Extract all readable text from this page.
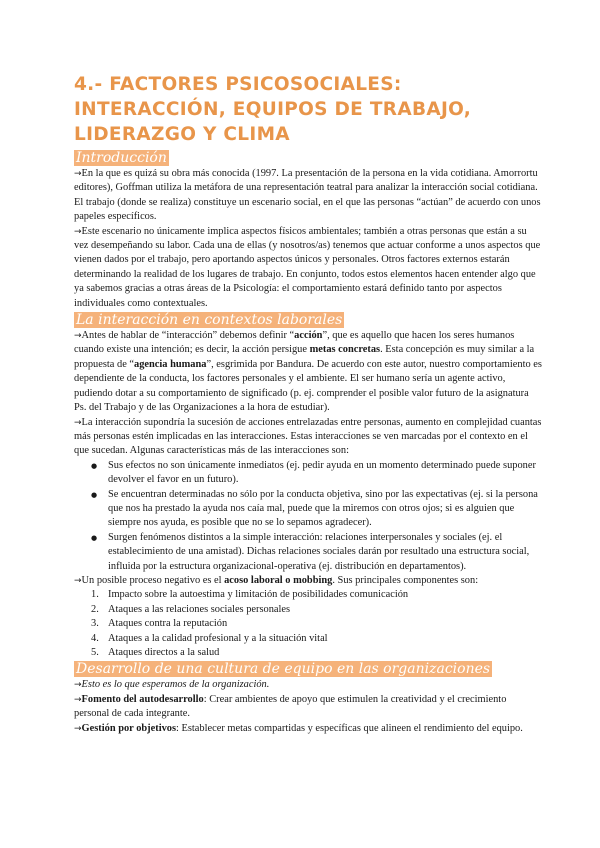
4.- FACTORES PSICOSOCIALES: INTERACCIÓN, EQUIPOS DE TRABAJO, LIDERAZGO Y CLIMA
Introducción

→En la que es quizá su obra más conocida (1997. La presentación de la persona en la vida cotidiana. Amorrortu editores), Goffman utiliza la metáfora de una representación teatral para analizar la interacción social cotidiana. El trabajo (donde se realiza) constituye un escenario social, en el que las personas “actúan” de acuerdo con unos papeles específicos.

→Este escenario no únicamente implica aspectos físicos ambientales; también a otras personas que están a su vez desempeñando su labor. Cada una de ellas (y nosotros/as) tenemos que actuar conforme a unos aspectos que vienen dados por el trabajo, pero aportando aspectos únicos y personales. Otros factores externos estarán determinando la realidad de los lugares de trabajo. En conjunto, todos estos elementos hacen entender algo que ya sabemos gracias a otras áreas de la Psicología: el comportamiento estará definido tanto por aspectos individuales como contextuales.

La interacción en contextos laborales

→Antes de hablar de “interacción” debemos definir “acción”, que es aquello que hacen los seres humanos cuando existe una intención; es decir, la acción persigue metas concretas. Esta concepción es muy similar a la propuesta de “agencia humana”, esgrimida por Bandura. De acuerdo con este autor, nuestro comportamiento es dependiente de la conducta, los factores personales y el ambiente. El ser humano sería un agente activo, pudiendo dotar a su comportamiento de significado (p. ej. comprender el posible valor futuro de la asignatura Ps. del Trabajo y de las Organizaciones a la hora de estudiar).

→La interacción supondría la sucesión de acciones entrelazadas entre personas, aumento en complejidad cuantas más personas estén implicadas en las interacciones. Estas interacciones se ven marcadas por el contexto en el que sucedan. Algunas características más de las interacciones son:

● Sus efectos no son únicamente inmediatos (ej. pedir ayuda en un momento determinado puede suponer devolver el favor en un futuro).
● Se encuentran determinadas no sólo por la conducta objetiva, sino por las expectativas (ej. si la persona que nos ha prestado la ayuda nos caía mal, puede que la miremos con otros ojos; si es alguien que siempre nos ayuda, es posible que no se lo sepamos agradecer).
● Surgen fenómenos distintos a la simple interacción: relaciones interpersonales y sociales (ej. el establecimiento de una amistad). Dichas relaciones sociales darán por resultado una estructura social, influida por la estructura organizacional-operativa (ej. distribución en departamentos).

→Un posible proceso negativo es el acoso laboral o mobbing. Sus principales componentes son:

1. Impacto sobre la autoestima y limitación de posibilidades comunicación
2. Ataques a las relaciones sociales personales
3. Ataques contra la reputación
4. Ataques a la calidad profesional y a la situación vital
5. Ataques directos a la salud
Desarrollo de una cultura de equipo en las organizaciones

→Esto es lo que esperamos de la organización.

→Fomento del autodesarrollo: Crear ambientes de apoyo que estimulen la creatividad y el crecimiento personal de cada integrante.

→Gestión por objetivos: Establecer metas compartidas y específicas que alineen el rendimiento del equipo.
